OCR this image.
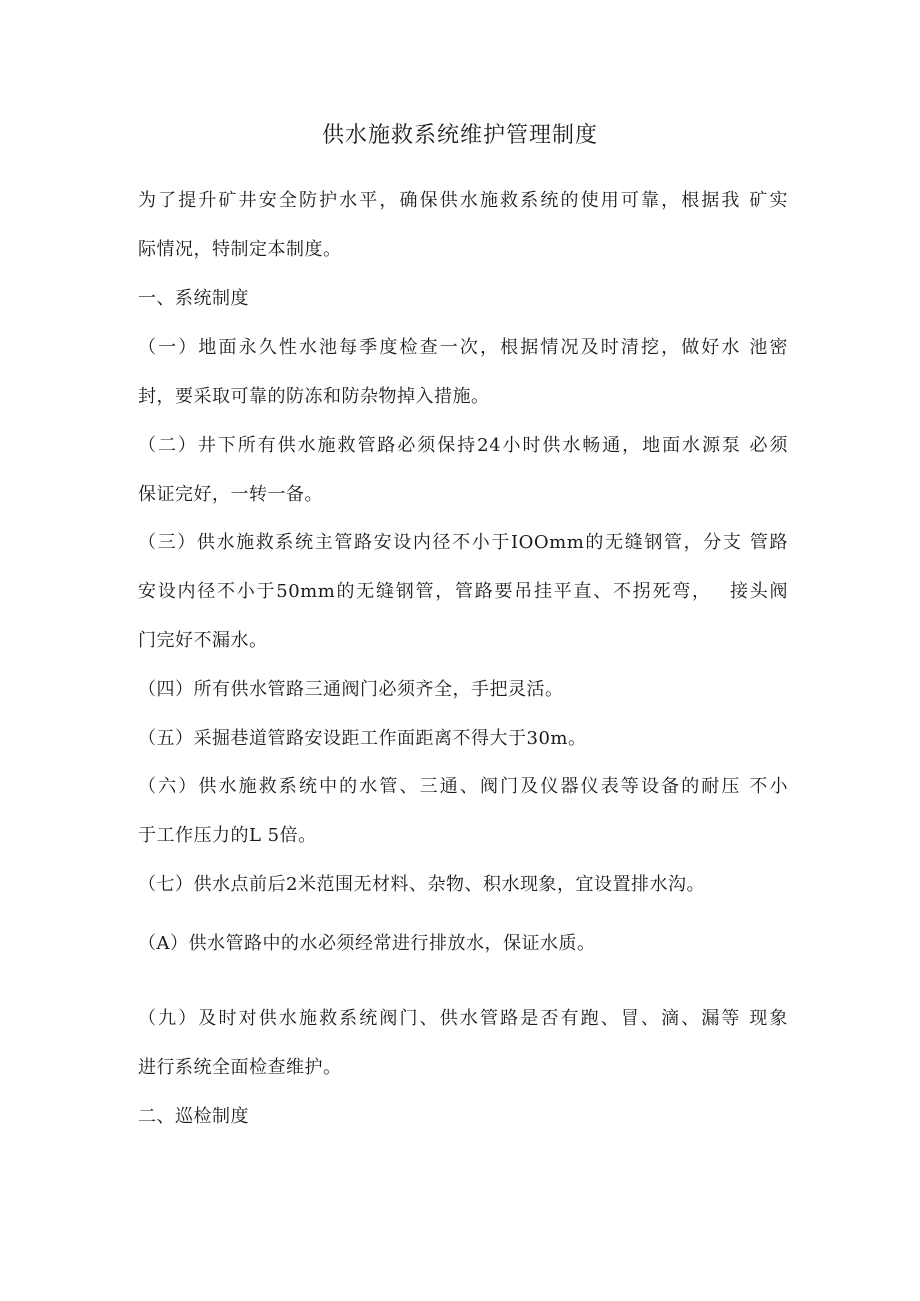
供水施救系统维护管理制度
为了提升矿井安全防护水平，确保供水施救系统的使用可靠，根据我 矿实
际情况，特制定本制度。
一、系统制度
（一）地面永久性水池每季度检查一次，根据情况及时清挖，做好水 池密
封，要采取可靠的防冻和防杂物掉入措施。
（二）井下所有供水施救管路必须保持24小时供水畅通，地面水源泵 必须
保证完好，一转一备。
（三）供水施救系统主管路安设内径不小于IOOmm的无缝钢管，分支 管路
安设内径不小于50mm的无缝钢管，管路要吊挂平直、不拐死弯，　 接头阀
门完好不漏水。
（四）所有供水管路三通阀门必须齐全，手把灵活。
（五）采掘巷道管路安设距工作面距离不得大于30m。
（六）供水施救系统中的水管、三通、阀门及仪器仪表等设备的耐压 不小
于工作压力的L 5倍。
（七）供水点前后2米范围无材料、杂物、积水现象，宜设置排水沟。
（A）供水管路中的水必须经常进行排放水，保证水质。
（九）及时对供水施救系统阀门、供水管路是否有跑、冒、滴、漏等 现象
进行系统全面检查维护。
二、巡检制度
